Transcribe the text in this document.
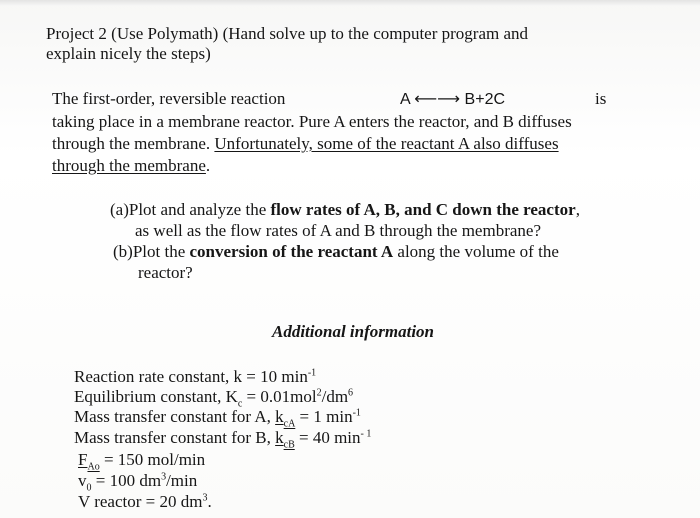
Project 2 (Use Polymath) (Hand solve up to the computer program and
explain nicely the steps)
The first-order, reversible reaction	A ⟵⟶ B+2C	is
taking place in a membrane reactor. Pure A enters the reactor, and B diffuses
through the membrane. Unfortunately, some of the reactant A also diffuses
through the membrane.
(a)Plot and analyze the flow rates of A, B, and C down the reactor,
as well as the flow rates of A and B through the membrane?
(b)Plot the conversion of the reactant A along the volume of the
reactor?
Additional information
Reaction rate constant, k = 10 $\min^{-1}$
Equilibrium constant, $K_c = 0.01mol^2/dm^6$
Mass transfer constant for A, $k_{cA} = 1$ $\min^{-1}$
Mass transfer constant for B, $k_{cB} = 40$ $\min^{- 1}$
$F_{Ao} = 150$ mol/min
$v_0 = 100$ $dm^3/\min$
V reactor = 20 $dm^3$.
